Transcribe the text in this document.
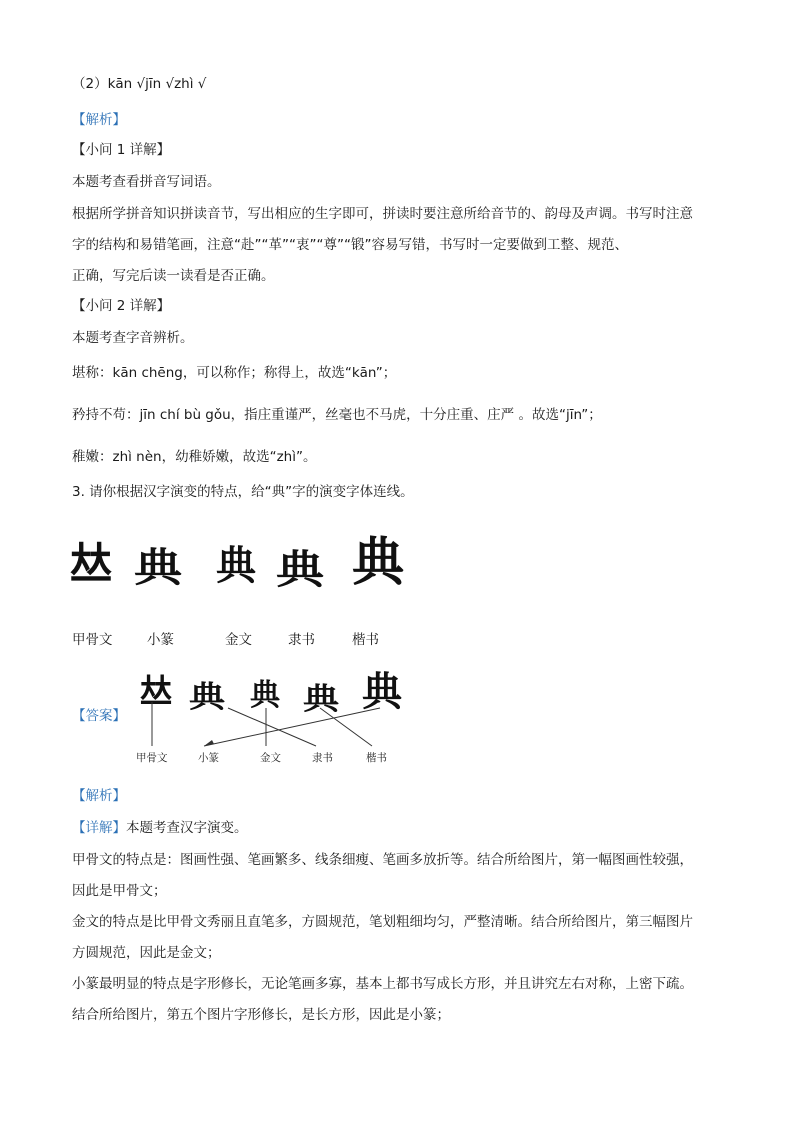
（2）kān √jīn √zhì √
【解析】
【小问 1 详解】
本题考查看拼音写词语。
根据所学拼音知识拼读音节，写出相应的生字即可，拼读时要注意所给音节的、韵母及声调。书写时注意
字的结构和易错笔画，注意“赴”“革”“衷”“尊”“锻”容易写错，书写时一定要做到工整、规范、
正确，写完后读一读看是否正确。
【小问 2 详解】
本题考查字音辨析。
堪称：kān chēng，可以称作；称得上，故选“kān”；
矜持不苟：jīn chí bù gǒu，指庄重谨严，丝毫也不马虎，十分庄重、庄严 。故选“jīn”；
稚嫩：zhì nèn，幼稚娇嫩，故选“zhì”。
3. 请你根据汉字演变的特点，给“典”字的演变字体连线。
𠀤 典 典 典 典
甲骨文	小篆	金文	隶书	楷书
【答案】
𠀤 典 典 典 典
甲骨文	小篆	金文	隶书	楷书
【解析】
【详解】本题考查汉字演变。
甲骨文的特点是：图画性强、笔画繁多、线条细瘦、笔画多放折等。结合所给图片，第一幅图画性较强，
因此是甲骨文；
金文的特点是比甲骨文秀丽且直笔多，方圆规范，笔划粗细均匀，严整清晰。结合所给图片，第三幅图片
方圆规范，因此是金文；
小篆最明显的特点是字形修长，无论笔画多寡，基本上都书写成长方形，并且讲究左右对称，上密下疏。
结合所给图片，第五个图片字形修长，是长方形，因此是小篆；
